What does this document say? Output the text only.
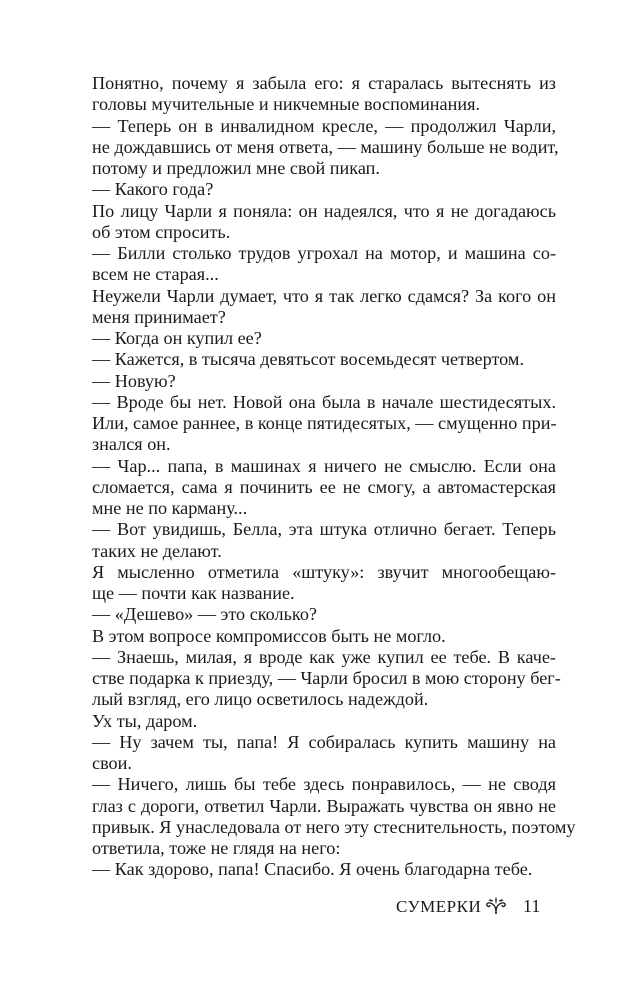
Понятно, почему я забыла его: я старалась вытеснять из
головы мучительные и никчемные воспоминания.
— Теперь он в инвалидном кресле, — продолжил Чарли,
не дождавшись от меня ответа, — машину больше не водит,
потому и предложил мне свой пикап.
— Какого года?
По лицу Чарли я поняла: он надеялся, что я не догадаюсь
об этом спросить.
— Билли столько трудов угрохал на мотор, и машина со-
всем не старая...
Неужели Чарли думает, что я так легко сдамся? За кого он
меня принимает?
— Когда он купил ее?
— Кажется, в тысяча девятьсот восемьдесят четвертом.
— Новую?
— Вроде бы нет. Новой она была в начале шестидесятых.
Или, самое раннее, в конце пятидесятых, — смущенно при-
знался он.
— Чар... папа, в машинах я ничего не смыслю. Если она
сломается, сама я починить ее не смогу, а автомастерская
мне не по карману...
— Вот увидишь, Белла, эта штука отлично бегает. Теперь
таких не делают.
Я мысленно отметила «штуку»: звучит многообещаю-
ще — почти как название.
— «Дешево» — это сколько?
В этом вопросе компромиссов быть не могло.
— Знаешь, милая, я вроде как уже купил ее тебе. В каче-
стве подарка к приезду, — Чарли бросил в мою сторону бег-
лый взгляд, его лицо осветилось надеждой.
Ух ты, даром.
— Ну зачем ты, папа! Я собиралась купить машину на
свои.
— Ничего, лишь бы тебе здесь понравилось, — не сводя
глаз с дороги, ответил Чарли. Выражать чувства он явно не
привык. Я унаследовала от него эту стеснительность, поэтому
ответила, тоже не глядя на него:
— Как здорово, папа! Спасибо. Я очень благодарна тебе.
СУМЕРКИ 11
